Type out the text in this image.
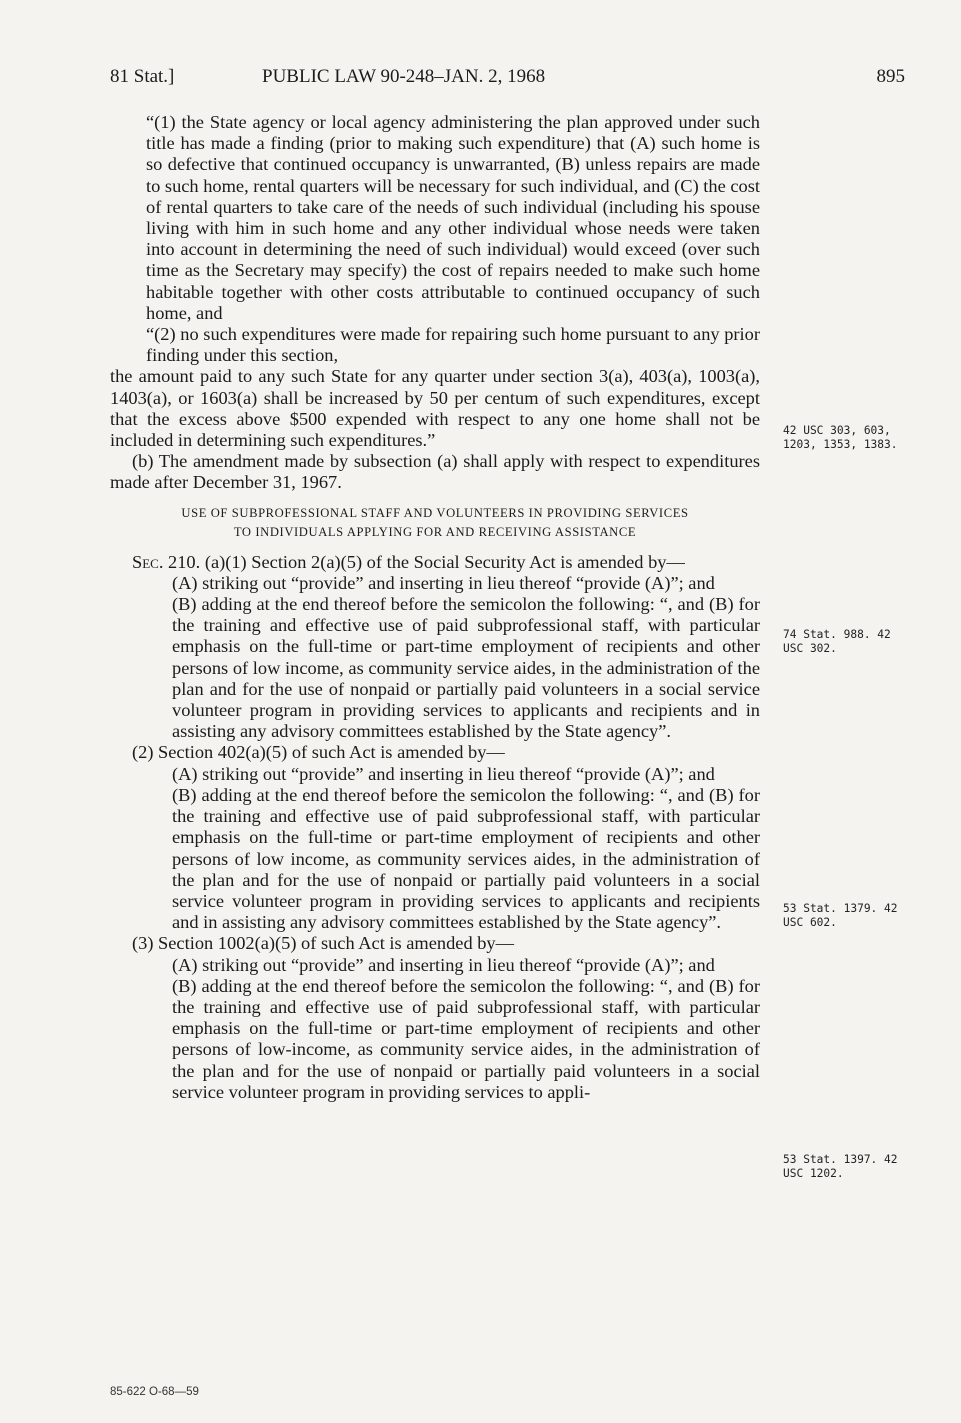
81 Stat.]	PUBLIC LAW 90-248–JAN. 2, 1968	895

“(1) the State agency or local agency administering the plan approved under such title has made a finding (prior to making such expenditure) that (A) such home is so defective that continued occupancy is unwarranted, (B) unless repairs are made to such home, rental quarters will be necessary for such individual, and (C) the cost of rental quarters to take care of the needs of such individual (including his spouse living with him in such home and any other individual whose needs were taken into account in determining the need of such individual) would exceed (over such time as the Secretary may specify) the cost of repairs needed to make such home habitable together with other costs attributable to continued occupancy of such home, and

“(2) no such expenditures were made for repairing such home pursuant to any prior finding under this section,

the amount paid to any such State for any quarter under section 3(a), 403(a), 1003(a), 1403(a), or 1603(a) shall be increased by 50 per centum of such expenditures, except that the excess above $500 expended with respect to any one home shall not be included in determining such expenditures.”

(b) The amendment made by subsection (a) shall apply with respect to expenditures made after December 31, 1967.

USE OF SUBPROFESSIONAL STAFF AND VOLUNTEERS IN PROVIDING SERVICES
TO INDIVIDUALS APPLYING FOR AND RECEIVING ASSISTANCE

Sec. 210. (a)(1) Section 2(a)(5) of the Social Security Act is amended by—

(A) striking out “provide” and inserting in lieu thereof “provide (A)”; and

(B) adding at the end thereof before the semicolon the following: “, and (B) for the training and effective use of paid subprofessional staff, with particular emphasis on the full-time or part-time employment of recipients and other persons of low income, as community service aides, in the administration of the plan and for the use of nonpaid or partially paid volunteers in a social service volunteer program in providing services to applicants and recipients and in assisting any advisory committees established by the State agency”.

(2) Section 402(a)(5) of such Act is amended by—

(A) striking out “provide” and inserting in lieu thereof “provide (A)”; and

(B) adding at the end thereof before the semicolon the following: “, and (B) for the training and effective use of paid subprofessional staff, with particular emphasis on the full-time or part-time employment of recipients and other persons of low income, as community services aides, in the administration of the plan and for the use of nonpaid or partially paid volunteers in a social service volunteer program in providing services to applicants and recipients and in assisting any advisory committees established by the State agency”.

(3) Section 1002(a)(5) of such Act is amended by—

(A) striking out “provide” and inserting in lieu thereof “provide (A)”; and

(B) adding at the end thereof before the semicolon the following: “, and (B) for the training and effective use of paid subprofessional staff, with particular emphasis on the full-time or part-time employment of recipients and other persons of low-income, as community service aides, in the administration of the plan and for the use of nonpaid or partially paid volunteers in a social service volunteer program in providing services to appli-

42 USC 303, 603, 1203, 1353, 1383.
74 Stat. 988. 42 USC 302.
53 Stat. 1379. 42 USC 602.
53 Stat. 1397. 42 USC 1202.
85-622 O-68—59
